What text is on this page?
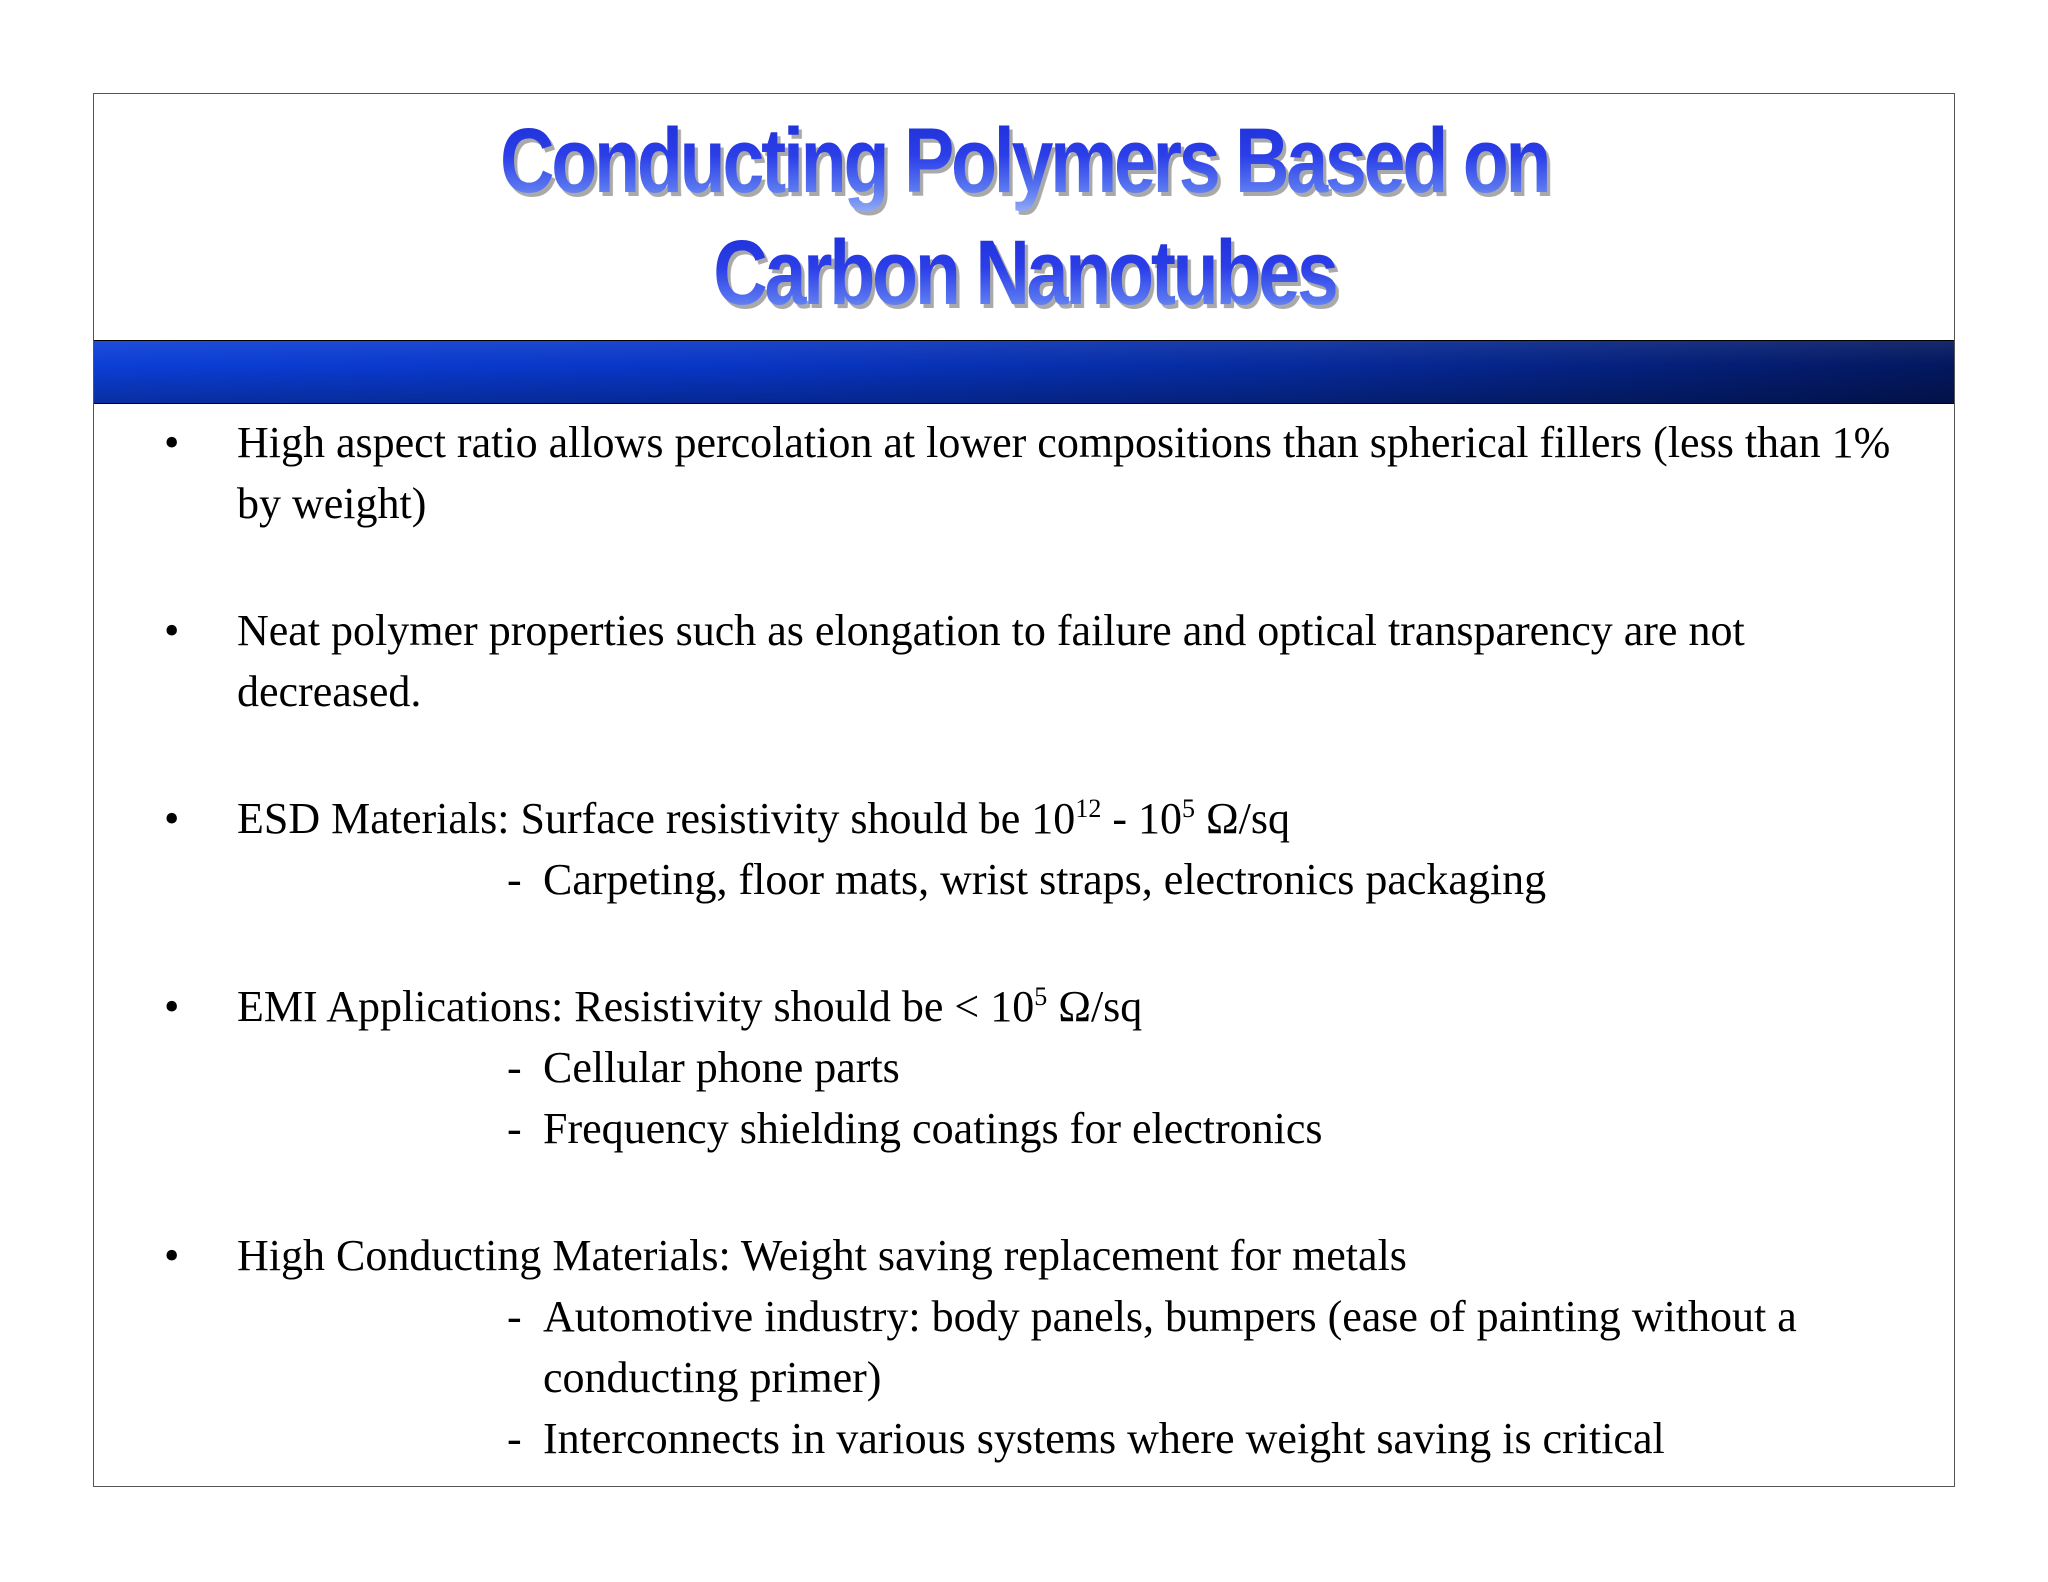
Conducting Polymers Based on
Carbon Nanotubes
• High aspect ratio allows percolation at lower compositions than spherical fillers (less than 1% by weight)
• Neat polymer properties such as elongation to failure and optical transparency are not decreased.
• ESD Materials: Surface resistivity should be $10^{12} - 10^5$ Ω/sq
- Carpeting, floor mats, wrist straps, electronics packaging
• EMI Applications: Resistivity should be < $10^5$ Ω/sq
- Cellular phone parts
- Frequency shielding coatings for electronics
• High Conducting Materials: Weight saving replacement for metals
- Automotive industry: body panels, bumpers (ease of painting without a conducting primer)
- Interconnects in various systems where weight saving is critical
